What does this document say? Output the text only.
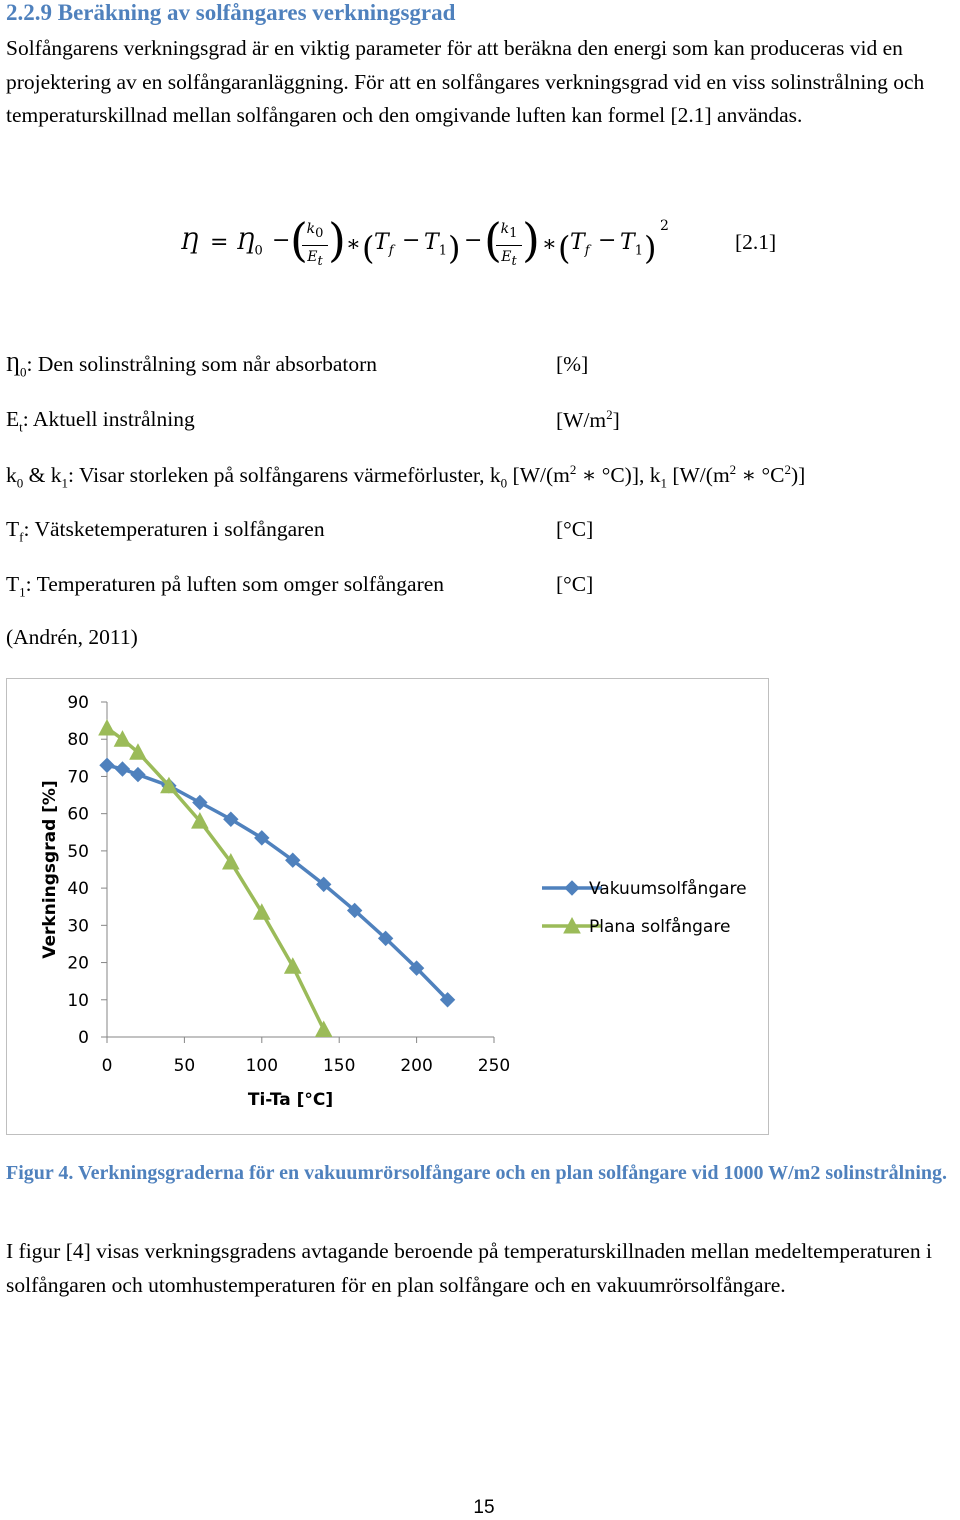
2.2.9 Beräkning av solfångares verkningsgrad
Solfångarens verkningsgrad är en viktig parameter för att beräkna den energi som kan produceras vid en projektering av en solfångaranläggning. För att en solfångares verkningsgrad vid en viss solinstrålning och temperaturskillnad mellan solfångaren och den omgivande luften kan formel [2.1] användas.
Ƞ = $Ƞ_0$ − (
$\frac{k_0}{E_t}$ ) ∗ ( $T_f - T_1$ ) − (
$\frac{k_1}{E_t}$ ) ∗ ( $T_f - T_1$ )
2
[2.1]
$Ƞ_0$: Den solinstrålning som når absorbatorn	[%]
$E_t$: Aktuell instrålning	$[W/m^2]$
$k_0$ & $k_1$: Visar storleken på solfångarens värmeförluster, $k_0$ [$W/(m^2$ ∗ °C)], $k_1$ [$W/(m^2$ ∗ $^\circ C^2$)]
$T_f$: Vätsketemperaturen i solfångaren	[°C]
$T_1$: Temperaturen på luften som omger solfångaren	[°C]
(Andrén, 2011)
0
10
20
30
40
50
60
70
80
90
0	50	100	150	200	250
Ti-Ta [°C]
Verkningsgrad [%]	Vakuumsolfångare
Plana solfångare
Figur 4. Verkningsgraderna för en vakuumrörsolfångare och en plan solfångare vid 1000 W/m2 solinstrålning.
I figur [4] visas verkningsgradens avtagande beroende på temperaturskillnaden mellan medeltemperaturen i solfångaren och utomhustemperaturen för en plan solfångare och en vakuumrörsolfångare.
15
